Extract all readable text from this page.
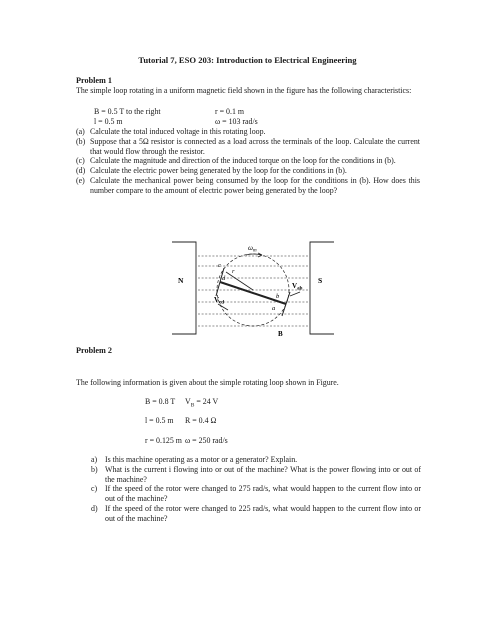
Tutorial 7, ESO 203: Introduction to Electrical Engineering
Problem 1
The simple loop rotating in a uniform magnetic field shown in the figure has the following characteristics:
B = 0.5 T to the right	r = 0.1 m
l = 0.5 m	ω = 103 rad/s
(a) Calculate the total induced voltage in this rotating loop.
(b) Suppose that a 5Ω resistor is connected as a load across the terminals of the loop. Calculate the current that would flow through the resistor.
(c) Calculate the magnitude and direction of the induced torque on the loop for the conditions in (b).
(d) Calculate the electric power being generated by the loop for the conditions in (b).
(e) Calculate the mechanical power being consumed by the loop for the conditions in (b). How does this number compare to the amount of electric power being generated by the loop?
N	S
B
$\omega_m$
r
c
d
b
a
$V_{ab}$
$V_{cd}$
Problem 2
The following information is given about the simple rotating loop shown in Figure.
B = 0.8 T $V_B = 24$ V
l = 0.5 m R = 0.4 Ω
r = 0.125 m ω = 250 rad/s
a) Is this machine operating as a motor or a generator? Explain.
b) What is the current i flowing into or out of the machine? What is the power flowing into or out of the machine?
c) If the speed of the rotor were changed to 275 rad/s, what would happen to the current flow into or out of the machine?
d) If the speed of the rotor were changed to 225 rad/s, what would happen to the current flow into or out of the machine?
